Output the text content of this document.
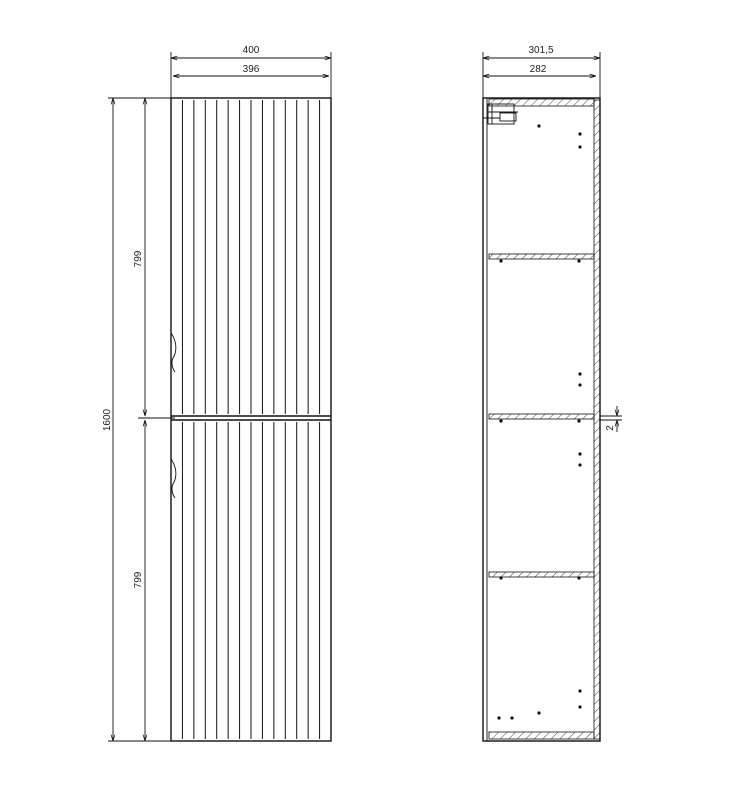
400
396
1600
799
799
301,5
282
2
